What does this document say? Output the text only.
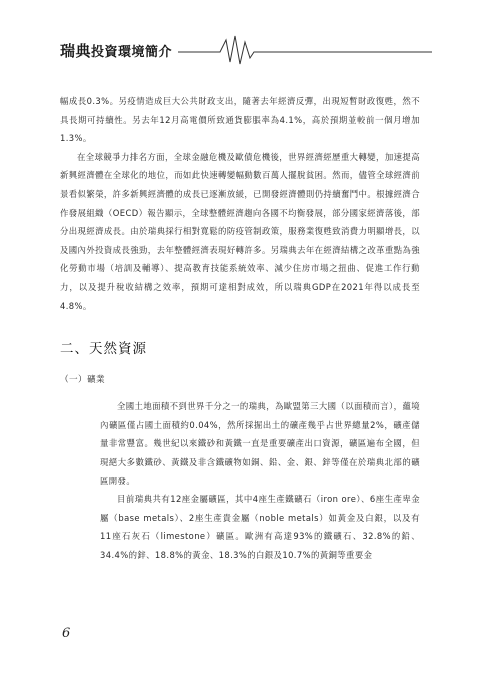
瑞典投資環境簡介

幅成長0.3%。另疫情造成巨大公共財政支出，隨著去年經濟反彈，出現短暫財政復甦，然不具長期可持續性。另去年12月高電價所致通貨膨脹率為4.1%，高於預期並較前一個月增加1.3%。

在全球競爭力排名方面，全球金融危機及歐債危機後，世界經濟經歷重大轉變，加速提高新興經濟體在全球化的地位，而如此快速轉變幅動數百萬人擺脫貧困。然而，儘管全球經濟前景看似繁榮，許多新興經濟體的成長已逐漸放緩，已開發經濟體則仍持續奮鬥中。根據經濟合作發展組織（OECD）報告顯示，全球整體經濟趨向各國不均衡發展，部分國家經濟落後，部分出現經濟成長。由於瑞典採行相對寬鬆的防疫管制政策，服務業復甦致消費力明顯增長，以及國內外投資成長強勁，去年整體經濟表現好轉許多。另瑞典去年在經濟結構之改革重點為強化勞動市場（培訓及輔導）、提高教育技能系統效率、減少住房市場之扭曲、促進工作行動力，以及提升稅收結構之效率，預期可達相對成效，所以瑞典GDP在2021年得以成長至4.8%。

二、天然資源
（一）礦業

全國土地面積不到世界千分之一的瑞典，為歐盟第三大國（以面積而言），蘊境內礦區僅占國土面積約0.04%，然所採掘出土的礦產幾乎占世界總量2%，礦產儲量非常豐富。幾世紀以來鐵砂和黃鐵一直是重要礦產出口資源，礦區遍布全國，但現絕大多數鐵砂、黃鐵及非含鐵礦物如銅、鉛、金、銀、鋅等僅在於瑞典北部的礦區開發。

目前瑞典共有12座金屬礦區，其中4座生產鐵礦石（iron ore）、6座生產卑金屬（base metals）、2座生產貴金屬（noble metals）如黃金及白銀，以及有11座石灰石（limestone）礦區。歐洲有高達93%的鐵礦石、32.8%的鉛、34.4%的鋅、18.8%的黃金、18.3%的白銀及10.7%的黃銅等重要金

6
